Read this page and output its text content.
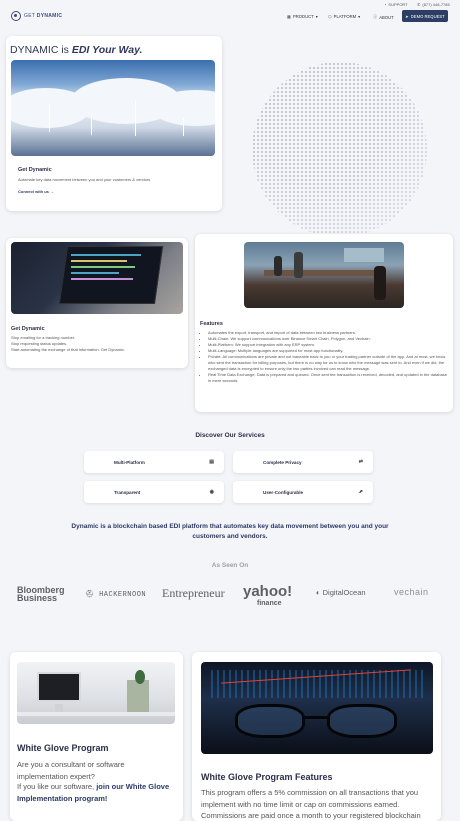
GET DYNAMIC
◔ SUPPORT ✆ (877) 448-7785
▦ PRODUCT ▾ ⬡ PLATFORM ▾	ⓘ ABOUT	➤ DEMO REQUEST
DYNAMIC is EDI Your Way.
Get Dynamic
Automate key data movement between you and your customers & vendors
Connect with us →
Get Dynamic
Stop emailing for a tracking number.
Stop requesting status updates.
Start automating the exchange of that information. Get Dynamic.
Features
• Automates the export, transport, and import of data between two business partners.
• Multi-Chain: We support communications over Binance Smart Chain, Polygon, and Vechain.
• Multi-Platform: We support integration with any ERP system.
• Multi-Language: Multiple languages are supported for most app functionality.
• Private: All communications are private and not traceable back to you or your trading partner outside of the app. And at most, we know who sent the transaction for billing purposes, but there is no way for us to know who the message was sent to. And even if we did, the exchanged data is encrypted to ensure only the two parties involved can read the message.
• Real Time Data Exchange: Data is prepared and queued. Once sent the transaction is received, decoded, and updated in the database in mere seconds.
Discover Our Services
Multi-Platform	▤	Complete Privacy	⇄
Transparent	◉	User-Configurable	⬈
Dynamic is a blockchain based EDI platform that automates key data movement between you and your customers and vendors.
As Seen On
Bloomberg
Business	⛑ HACKERNOON Entrepreneur yahoo!
finance
◐ DigitalOcean	vechain
White Glove Program
Are you a consultant or software implementation expert?
If you like our software, join our White Glove Implementation program!
White Glove Program Features
This program offers a 5% commission on all transactions that you implement with no time limit or cap on commissions earned. Commissions are paid once a month to your registered blockchain
